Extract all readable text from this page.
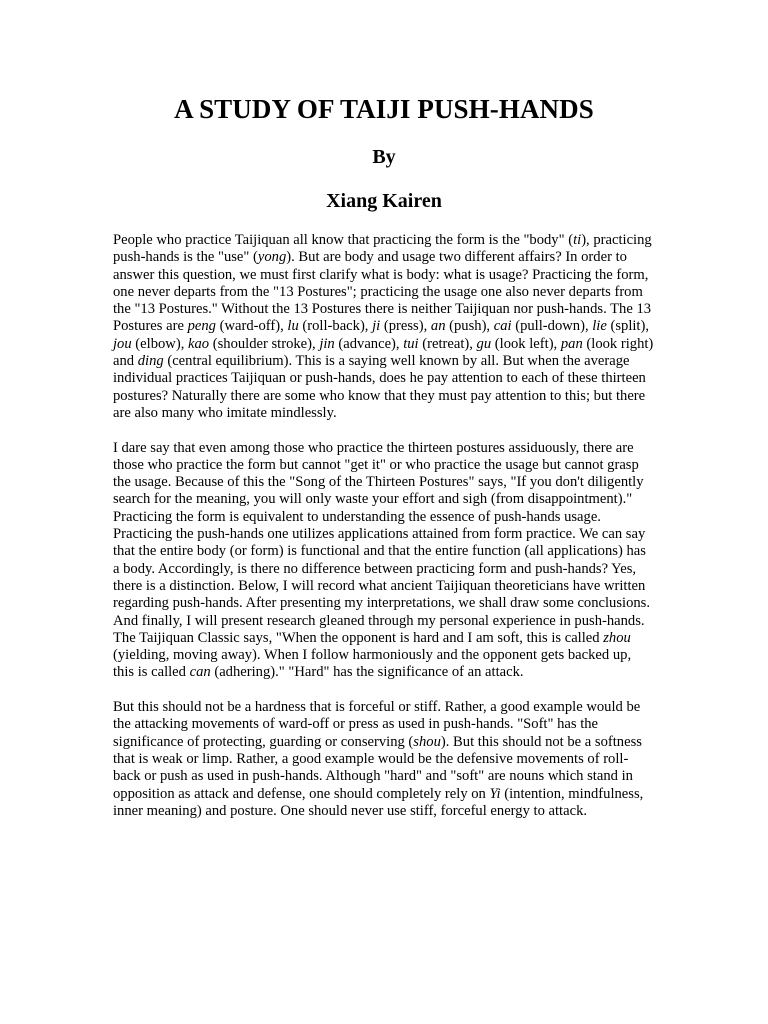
A STUDY OF TAIJI PUSH-HANDS
By
Xiang Kairen

People who practice Taijiquan all know that practicing the form is the "body" (ti), practicing push-hands is the "use" (yong). But are body and usage two different affairs? In order to answer this question, we must first clarify what is body: what is usage? Practicing the form, one never departs from the "13 Postures"; practicing the usage one also never departs from the "13 Postures." Without the 13 Postures there is neither Taijiquan nor push-hands. The 13 Postures are peng (ward-off), lu (roll-back), ji (press), an (push), cai (pull-down), lie (split), jou (elbow), kao (shoulder stroke), jin (advance), tui (retreat), gu (look left), pan (look right) and ding (central equilibrium). This is a saying well known by all. But when the average individual practices Taijiquan or push-hands, does he pay attention to each of these thirteen postures? Naturally there are some who know that they must pay attention to this; but there are also many who imitate mindlessly.

I dare say that even among those who practice the thirteen postures assiduously, there are those who practice the form but cannot "get it" or who practice the usage but cannot grasp the usage. Because of this the "Song of the Thirteen Postures" says, "If you don't diligently search for the meaning, you will only waste your effort and sigh (from disappointment)." Practicing the form is equivalent to understanding the essence of push-hands usage. Practicing the push-hands one utilizes applications attained from form practice. We can say that the entire body (or form) is functional and that the entire function (all applications) has a body. Accordingly, is there no difference between practicing form and push-hands? Yes, there is a distinction. Below, I will record what ancient Taijiquan theoreticians have written regarding push-hands. After presenting my interpretations, we shall draw some conclusions. And finally, I will present research gleaned through my personal experience in push-hands. The Taijiquan Classic says, "When the opponent is hard and I am soft, this is called zhou (yielding, moving away). When I follow harmoniously and the opponent gets backed up, this is called can (adhering)." "Hard" has the significance of an attack.

But this should not be a hardness that is forceful or stiff. Rather, a good example would be the attacking movements of ward-off or press as used in push-hands. "Soft" has the significance of protecting, guarding or conserving (shou). But this should not be a softness that is weak or limp. Rather, a good example would be the defensive movements of roll-back or push as used in push-hands. Although "hard" and "soft" are nouns which stand in opposition as attack and defense, one should completely rely on Yi (intention, mindfulness, inner meaning) and posture. One should never use stiff, forceful energy to attack.
